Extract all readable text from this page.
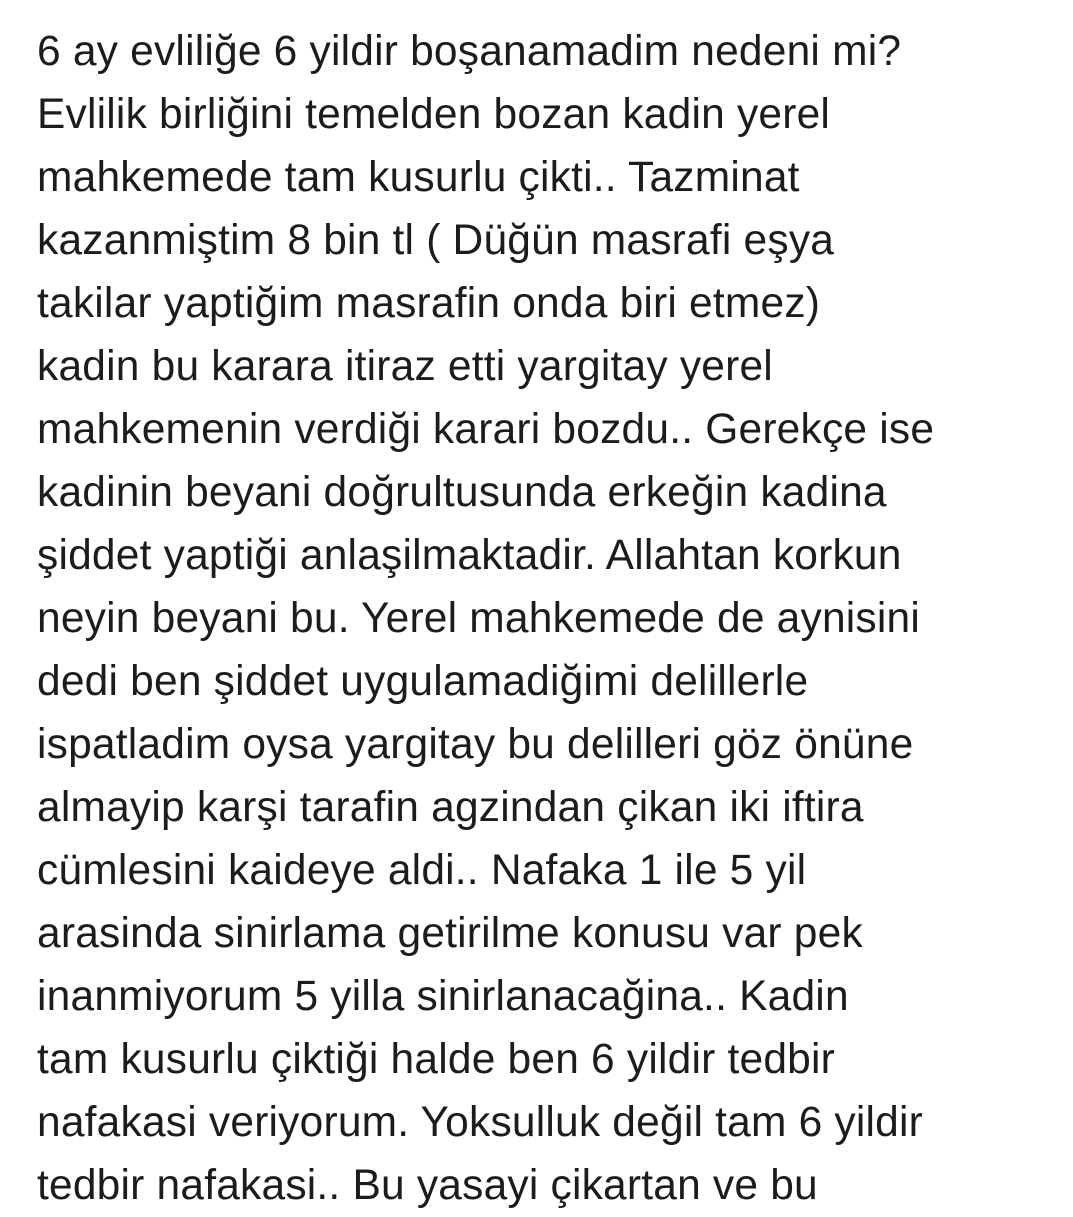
6 ay evliliğe 6 yildir boşanamadim nedeni mi?
Evlilik birliğini temelden bozan kadin yerel
mahkemede tam kusurlu çikti.. Tazminat
kazanmiştim 8 bin tl ( Düğün masrafi eşya
takilar yaptiğim masrafin onda biri etmez)
kadin bu karara itiraz etti yargitay yerel
mahkemenin verdiği karari bozdu.. Gerekçe ise
kadinin beyani doğrultusunda erkeğin kadina
şiddet yaptiği anlaşilmaktadir. Allahtan korkun
neyin beyani bu. Yerel mahkemede de aynisini
dedi ben şiddet uygulamadiğimi delillerle
ispatladim oysa yargitay bu delilleri göz önüne
almayip karşi tarafin agzindan çikan iki iftira
cümlesini kaideye aldi.. Nafaka 1 ile 5 yil
arasinda sinirlama getirilme konusu var pek
inanmiyorum 5 yilla sinirlanacağina.. Kadin
tam kusurlu çiktiği halde ben 6 yildir tedbir
nafakasi veriyorum. Yoksulluk değil tam 6 yildir
tedbir nafakasi.. Bu yasayi çikartan ve bu
